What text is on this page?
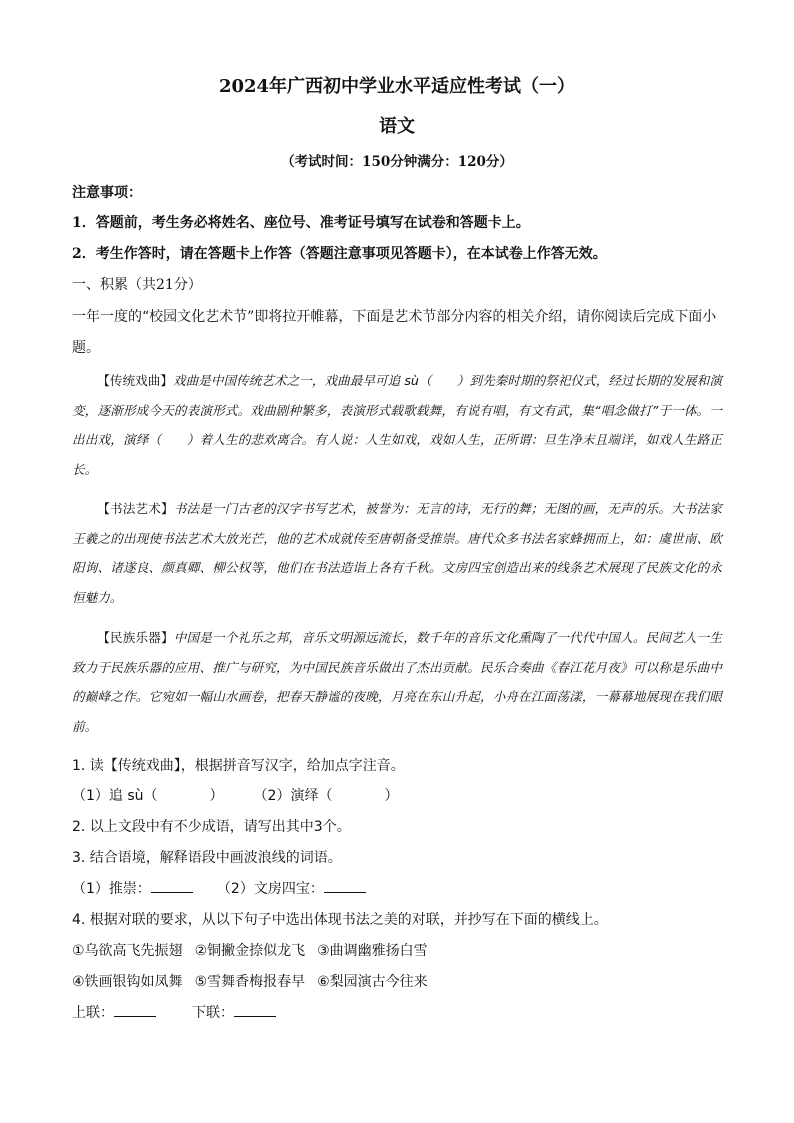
2024年广西初中学业水平适应性考试（一）
语文
（考试时间：150分钟满分：120分）
注意事项：
1．答题前，考生务必将姓名、座位号、准考证号填写在试卷和答题卡上。
2．考生作答时，请在答题卡上作答（答题注意事项见答题卡），在本试卷上作答无效。
一、积累（共21分）
一年一度的“校园文化艺术节”即将拉开帷幕，下面是艺术节部分内容的相关介绍，请你阅读后完成下面小题。
【传统戏曲】戏曲是中国传统艺术之一，戏曲最早可追 sù（　　）到先秦时期的祭祀仪式，经过长期的发展和演变，逐渐形成今天的表演形式。戏曲剧种繁多，表演形式载歌载舞，有说有唱，有文有武，集“唱念做打”于一体。一出出戏，演绎（　　）着人生的悲欢离合。有人说：人生如戏，戏如人生，正所谓：旦生净末且端详，如戏人生路正长。
【书法艺术】书法是一门古老的汉字书写艺术，被誉为：无言的诗，无行的舞；无图的画，无声的乐。大书法家王羲之的出现使书法艺术大放光芒，他的艺术成就传至唐朝备受推崇。唐代众多书法名家蜂拥而上，如：虞世南、欧阳询、诸遂良、颜真卿、柳公权等，他们在书法造诣上各有千秋。文房四宝创造出来的线条艺术展现了民族文化的永恒魅力。
【民族乐器】中国是一个礼乐之邦，音乐文明源远流长，数千年的音乐文化熏陶了一代代中国人。民间艺人一生致力于民族乐器的应用、推广与研究，为中国民族音乐做出了杰出贡献。民乐合奏曲《春江花月夜》可以称是乐曲中的巅峰之作。它宛如一幅山水画卷，把春天静谧的夜晚，月亮在东山升起，小舟在江面荡漾，一幕幕地展现在我们眼前。
1. 读【传统戏曲】，根据拼音写汉字，给加点字注音。
（1）追 sù（	） （2）演绎（	）
2. 以上文段中有不少成语，请写出其中3个。
3. 结合语境，解释语段中画波浪线的词语。
（1）推崇：	（2）文房四宝：
4. 根据对联的要求，从以下句子中选出体现书法之美的对联，并抄写在下面的横线上。
①乌欲高飞先振翅 ②铜撇金捺似龙飞 ③曲调幽雅扬白雪
④铁画银钩如凤舞 ⑤雪舞香梅报春早 ⑥梨园演古今往来
上联：	下联：
